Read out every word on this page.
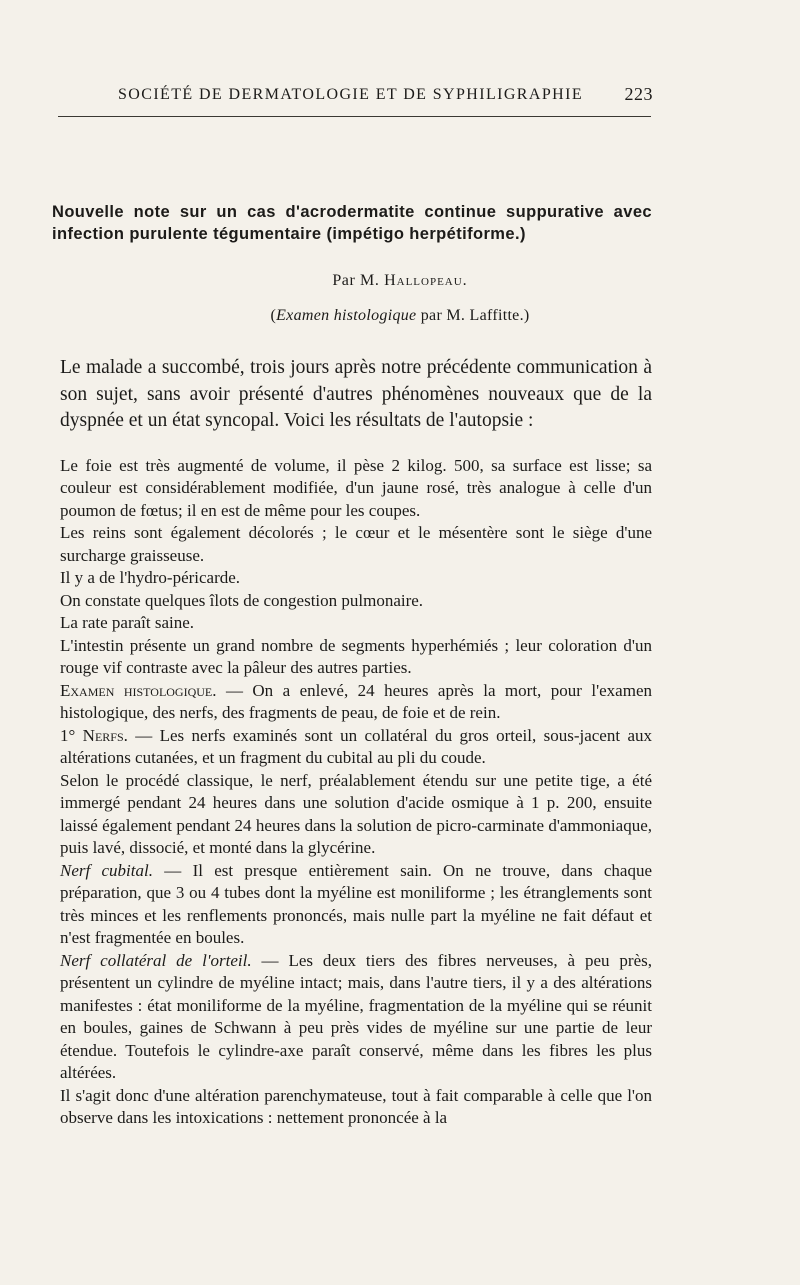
SOCIÉTÉ DE DERMATOLOGIE ET DE SYPHILIGRAPHIE 223
Nouvelle note sur un cas d'acrodermatite continue suppurative avec infection purulente tégumentaire (impétigo herpétiforme.)
Par M. Hallopeau.
(Examen histologique par M. Laffitte.)

Le malade a succombé, trois jours après notre précédente communication à son sujet, sans avoir présenté d'autres phénomènes nouveaux que de la dyspnée et un état syncopal. Voici les résultats de l'autopsie :

Le foie est très augmenté de volume, il pèse 2 kilog. 500, sa surface est lisse; sa couleur est considérablement modifiée, d'un jaune rosé, très analogue à celle d'un poumon de fœtus; il en est de même pour les coupes.

Les reins sont également décolorés ; le cœur et le mésentère sont le siège d'une surcharge graisseuse.

Il y a de l'hydro-péricarde.

On constate quelques îlots de congestion pulmonaire.

La rate paraît saine.

L'intestin présente un grand nombre de segments hyperhémiés ; leur coloration d'un rouge vif contraste avec la pâleur des autres parties.

Examen histologique. — On a enlevé, 24 heures après la mort, pour l'examen histologique, des nerfs, des fragments de peau, de foie et de rein.

1° Nerfs. — Les nerfs examinés sont un collatéral du gros orteil, sous-jacent aux altérations cutanées, et un fragment du cubital au pli du coude.

Selon le procédé classique, le nerf, préalablement étendu sur une petite tige, a été immergé pendant 24 heures dans une solution d'acide osmique à 1 p. 200, ensuite laissé également pendant 24 heures dans la solution de picro-carminate d'ammoniaque, puis lavé, dissocié, et monté dans la glycérine.

Nerf cubital. — Il est presque entièrement sain. On ne trouve, dans chaque préparation, que 3 ou 4 tubes dont la myéline est moniliforme ; les étranglements sont très minces et les renflements prononcés, mais nulle part la myéline ne fait défaut et n'est fragmentée en boules.

Nerf collatéral de l'orteil. — Les deux tiers des fibres nerveuses, à peu près, présentent un cylindre de myéline intact; mais, dans l'autre tiers, il y a des altérations manifestes : état moniliforme de la myéline, fragmentation de la myéline qui se réunit en boules, gaines de Schwann à peu près vides de myéline sur une partie de leur étendue. Toutefois le cylindre-axe paraît conservé, même dans les fibres les plus altérées.

Il s'agit donc d'une altération parenchymateuse, tout à fait comparable à celle que l'on observe dans les intoxications : nettement prononcée à la
